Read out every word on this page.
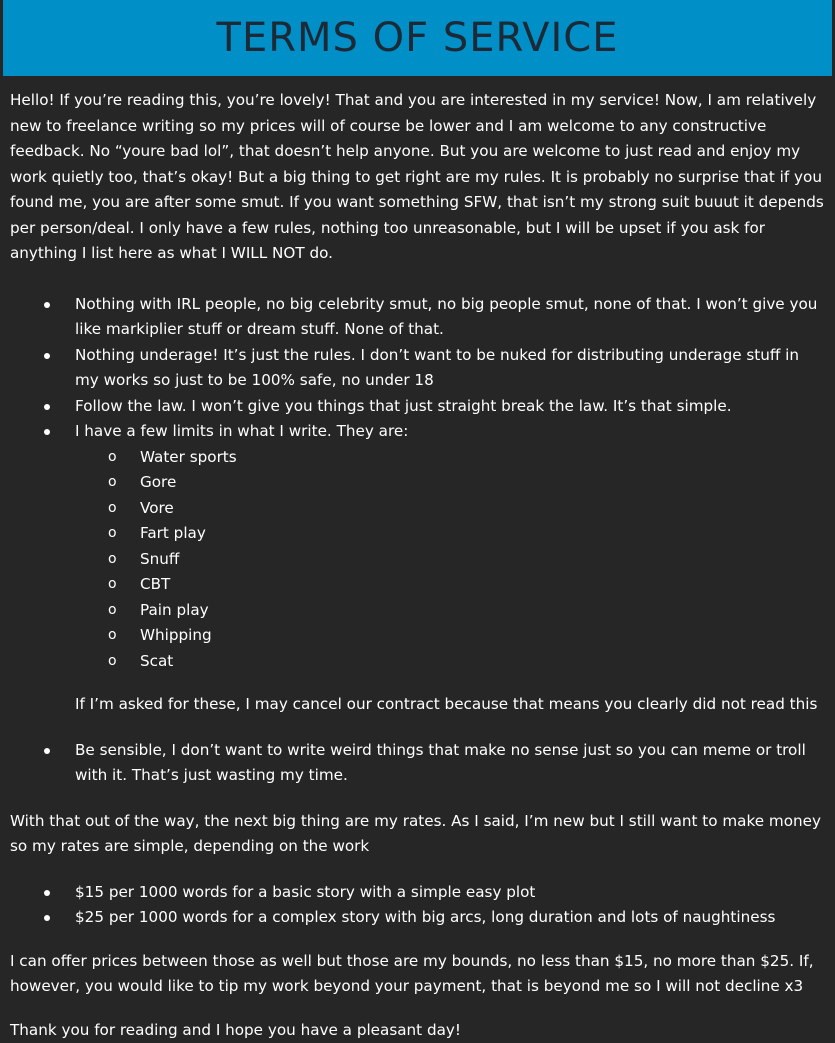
TERMS OF SERVICE

Hello! If you’re reading this, you’re lovely! That and you are interested in my service! Now, I am relatively new to freelance writing so my prices will of course be lower and I am welcome to any constructive feedback. No “youre bad lol”, that doesn’t help anyone. But you are welcome to just read and enjoy my work quietly too, that’s okay! But a big thing to get right are my rules. It is probably no surprise that if you found me, you are after some smut. If you want something SFW, that isn’t my strong suit buuut it depends per person/deal. I only have a few rules, nothing too unreasonable, but I will be upset if you ask for anything I list here as what I WILL NOT do.

Nothing with IRL people, no big celebrity smut, no big people smut, none of that. I won’t give you like markiplier stuff or dream stuff. None of that.
Nothing underage! It’s just the rules. I don’t want to be nuked for distributing underage stuff in my works so just to be 100% safe, no under 18
Follow the law. I won’t give you things that just straight break the law. It’s that simple.
I have a few limits in what I write. They are:
o Water sports
o Gore
o Vore
o Fart play
o Snuff
o CBT
o Pain play
o Whipping
o Scat

If I’m asked for these, I may cancel our contract because that means you clearly did not read this

Be sensible, I don’t want to write weird things that make no sense just so you can meme or troll with it. That’s just wasting my time.

With that out of the way, the next big thing are my rates. As I said, I’m new but I still want to make money so my rates are simple, depending on the work

$15 per 1000 words for a basic story with a simple easy plot
$25 per 1000 words for a complex story with big arcs, long duration and lots of naughtiness

I can offer prices between those as well but those are my bounds, no less than $15, no more than $25. If, however, you would like to tip my work beyond your payment, that is beyond me so I will not decline x3

Thank you for reading and I hope you have a pleasant day!
